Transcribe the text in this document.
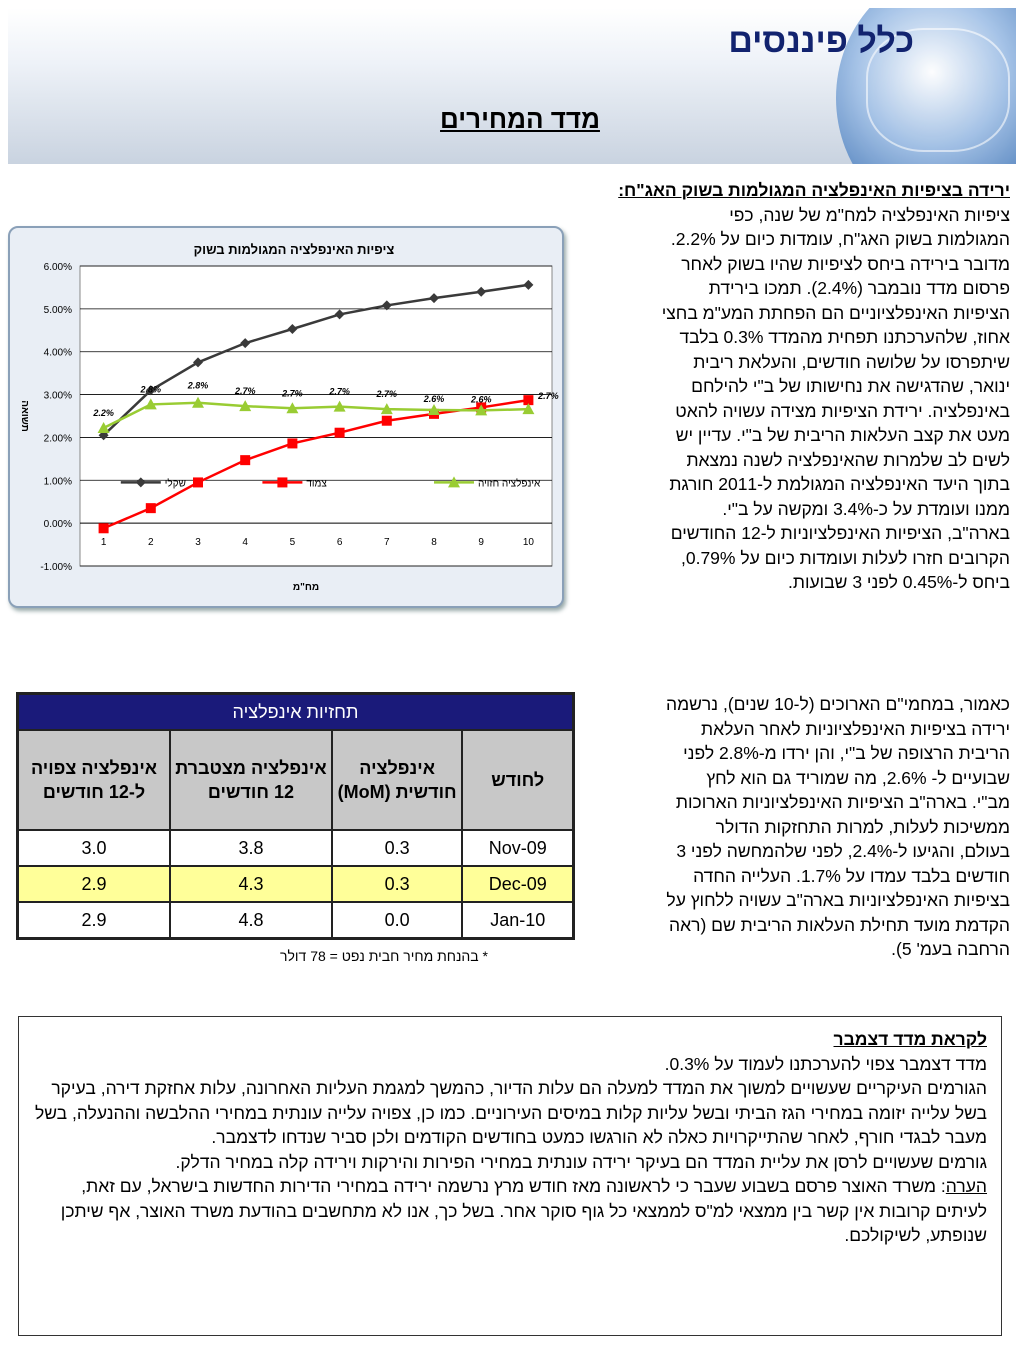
כלל פיננסים
מדד המחירים
ירידה בציפיות האינפלציה המגולמות בשוק האג"ח:
ציפיות האינפלציה למח"מ של שנה, כפי
המגולמות בשוק האג"ח, עומדות כיום על 2.2%.
מדובר בירידה ביחס לציפיות שהיו בשוק לאחר
פרסום מדד נובמבר (2.4%). תמכו בירידת
הציפיות האינפלציוניים הם הפחתת המע"מ בחצי
אחוז, שלהערכתנו תפחית מהמדד 0.3% בלבד
שיתפרסו על שלושה חודשים, והעלאת ריבית
ינואר, שהדגישה את נחישותו של ב"י להילחם
באינפלציה. ירידת הציפיות מצידה עשויה להאט
מעט את קצב העלאות הריבית של ב"י. עדיין יש
לשים לב שלמרות שהאינפלציה לשנה נמצאת
בתוך היעד האינפלציה המגולמת ל-2011 חורגת
ממנו ועומדת על כ-3.4% ומקשה על ב"י.
בארה"ב, הציפיות האינפלציוניות ל-12 החודשים
הקרובים חזרו לעלות ועומדות כיום על 0.79%,
ביחס ל-0.45% לפני 3 שבועות.
כאמור, במחמי"ם הארוכים (ל-10 שנים), נרשמה
ירידה בציפיות האינפלציוניות לאחר העלאת
הריבית הרצופה של ב"י, והן ירדו מ-2.8% לפני
שבועיים ל- 2.6%, מה שמוריד גם הוא לחץ
מב"י. בארה"ב הציפיות האינפלציוניות הארוכות
ממשיכות לעלות, למרות התחזקות הדולר
בעולם, והגיעו ל-2.4%, לפני שלהמחשה לפני 3
חודשים בלבד עמדו על 1.7%. העלייה החדה
בציפיות האינפלציוניות בארה"ב עשויה ללחוץ על
הקדמת מועד תחילת העלאות הריבית שם (ראה
הרחבה בעמ' 5).
ציפיות האינפלציה המגולמות בשוק
מח"מ
תשואה
6.00%
5.00%
4.00%
3.00%
2.00%
1.00%
0.00%
-1.00%
1	2	3	4	5	6	7	8	9	10
2.2%
2.8%	2.8%
2.7%	2.7%	2.7%	2.7%	2.6%	2.6%	2.7%
שקלי	צמוד	אינפלציה חזויה
תחזיות אינפלציה			
לחודש	אינפלציה חודשית (MoM)	אינפלציה מצטברת 12 חודשים	אינפלציה צפויה ל-12 חודשים
Nov-09	0.3	3.8	3.0
Dec-09	0.3	4.3	2.9
Jan-10	0.0	4.8	2.9
* בהנחת מחיר חבית נפט = 78 דולר
לקראת מדד דצמבר
מדד דצמבר צפוי להערכתנו לעמוד על 0.3%.
הגורמים העיקריים שעשויים למשוך את המדד למעלה הם עלות הדיור, כהמשך למגמת העליות האחרונה, עלות אחזקת דירה, בעיקר בשל עלייה יזומה במחירי הגז הביתי ובשל עליות קלות במיסים העירוניים. כמו כן, צפויה עלייה עונתית במחירי ההלבשה וההנעלה, בשל מעבר לבגדי חורף, לאחר שהתייקרויות כאלה לא הורגשו כמעט בחודשים הקודמים ולכן סביר שנדחו לדצמבר.
גורמים שעשויים לרסן את עליית המדד הם בעיקר ירידה עונתית במחירי הפירות והירקות וירידה קלה במחיר הדלק.
הערה: משרד האוצר פרסם בשבוע שעבר כי לראשונה מאז חודש מרץ נרשמה ירידה במחירי הדירות החדשות בישראל, עם זאת, לעיתים קרובות אין קשר בין ממצאי למ"ס לממצאי כל גוף סוקר אחר. בשל כך, אנו לא מתחשבים בהודעת משרד האוצר, אף שיתכן שנופתע, לשיקולכם.
